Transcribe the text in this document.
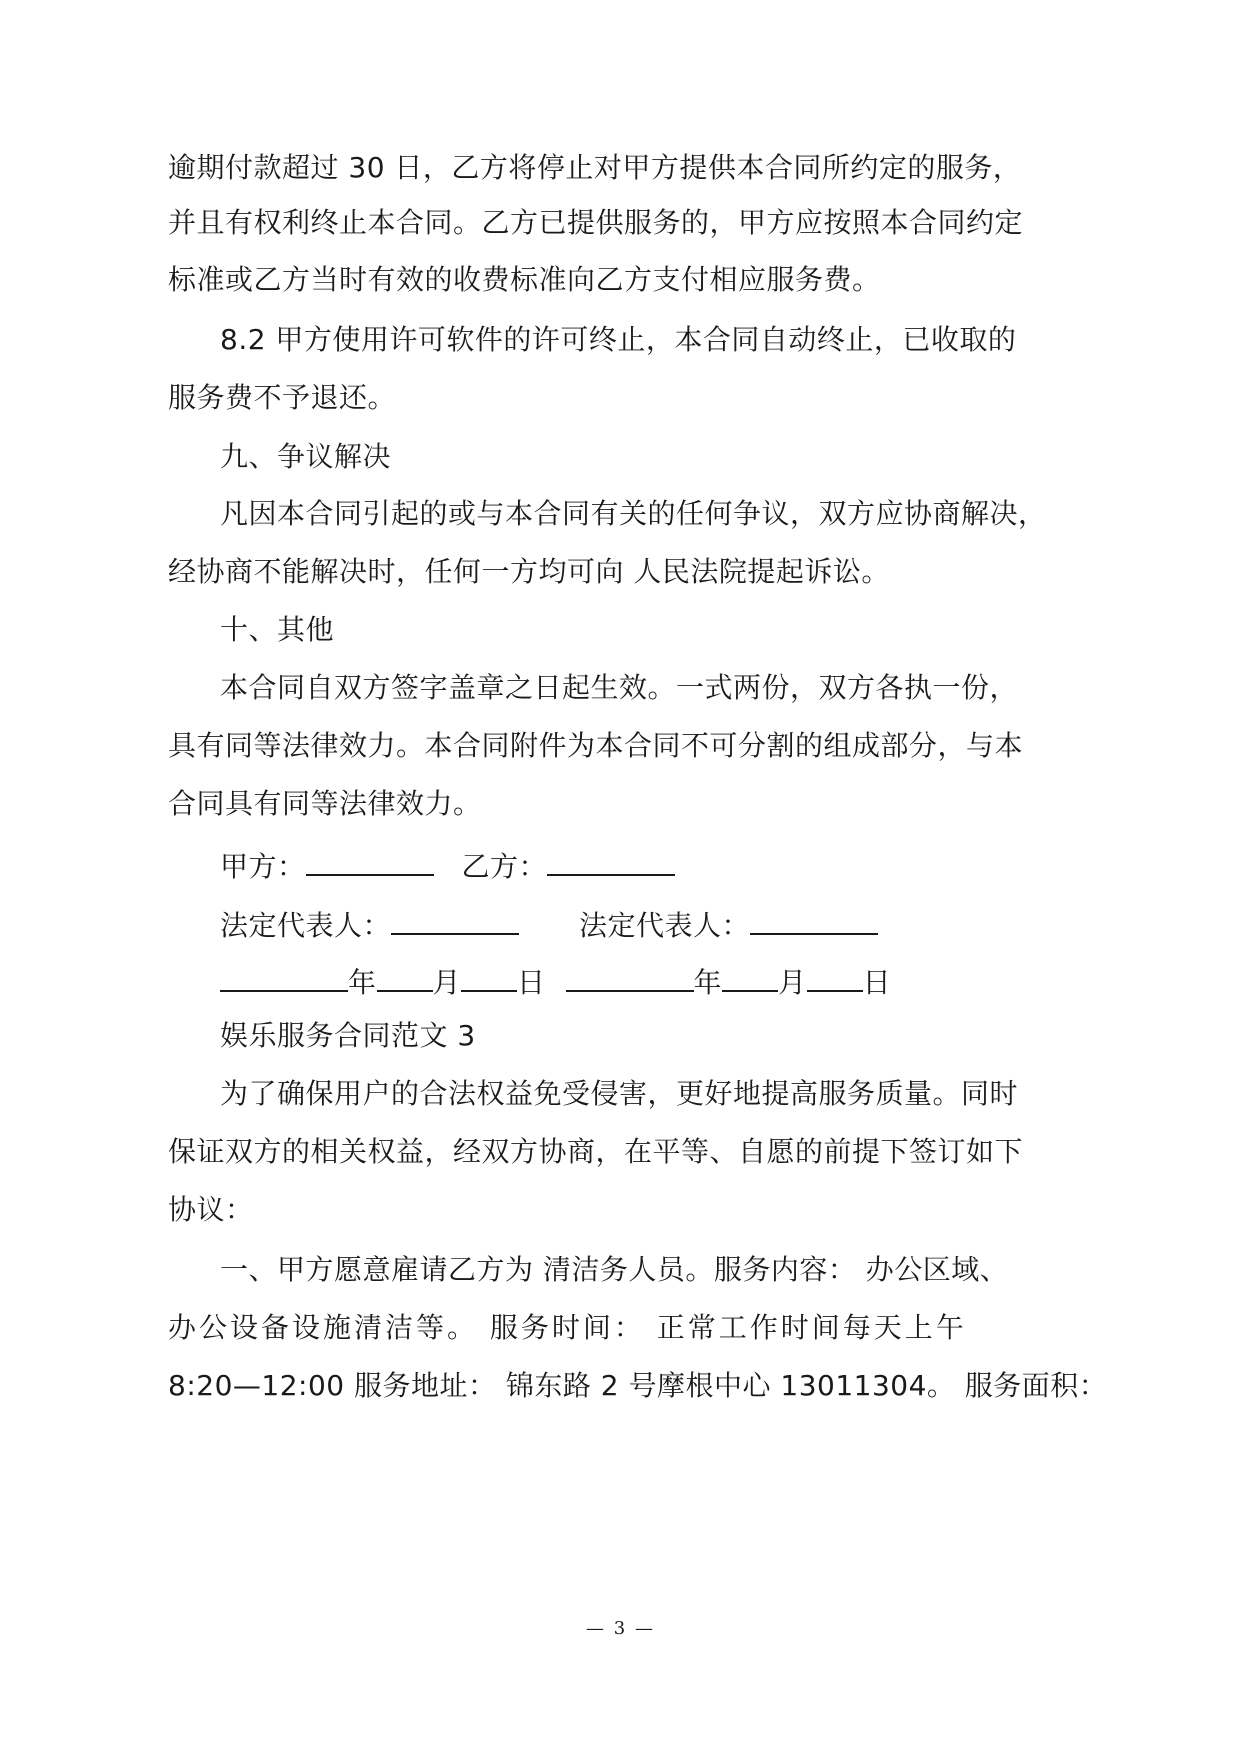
逾期付款超过 30 日，乙方将停止对甲方提供本合同所约定的服务，
并且有权利终止本合同。乙方已提供服务的，甲方应按照本合同约定
标准或乙方当时有效的收费标准向乙方支付相应服务费。
8.2 甲方使用许可软件的许可终止，本合同自动终止，已收取的
服务费不予退还。
九、争议解决
凡因本合同引起的或与本合同有关的任何争议，双方应协商解决，
经协商不能解决时，任何一方均可向 人民法院提起诉讼。
十、其他
本合同自双方签字盖章之日起生效。一式两份，双方各执一份，
具有同等法律效力。本合同附件为本合同不可分割的组成部分，与本
合同具有同等法律效力。
甲方：	乙方：
法定代表人：	法定代表人：
年 月 日	年 月 日
娱乐服务合同范文 3
为了确保用户的合法权益免受侵害，更好地提高服务质量。同时
保证双方的相关权益，经双方协商，在平等、自愿的前提下签订如下
协议：
一、甲方愿意雇请乙方为 清洁务人员。服务内容： 办公区域、
办公设备设施清洁等。 服务时间： 正常工作时间每天上午
8:20—12:00 服务地址： 锦东路 2 号摩根中心 13011304。 服务面积：
— 3 —
